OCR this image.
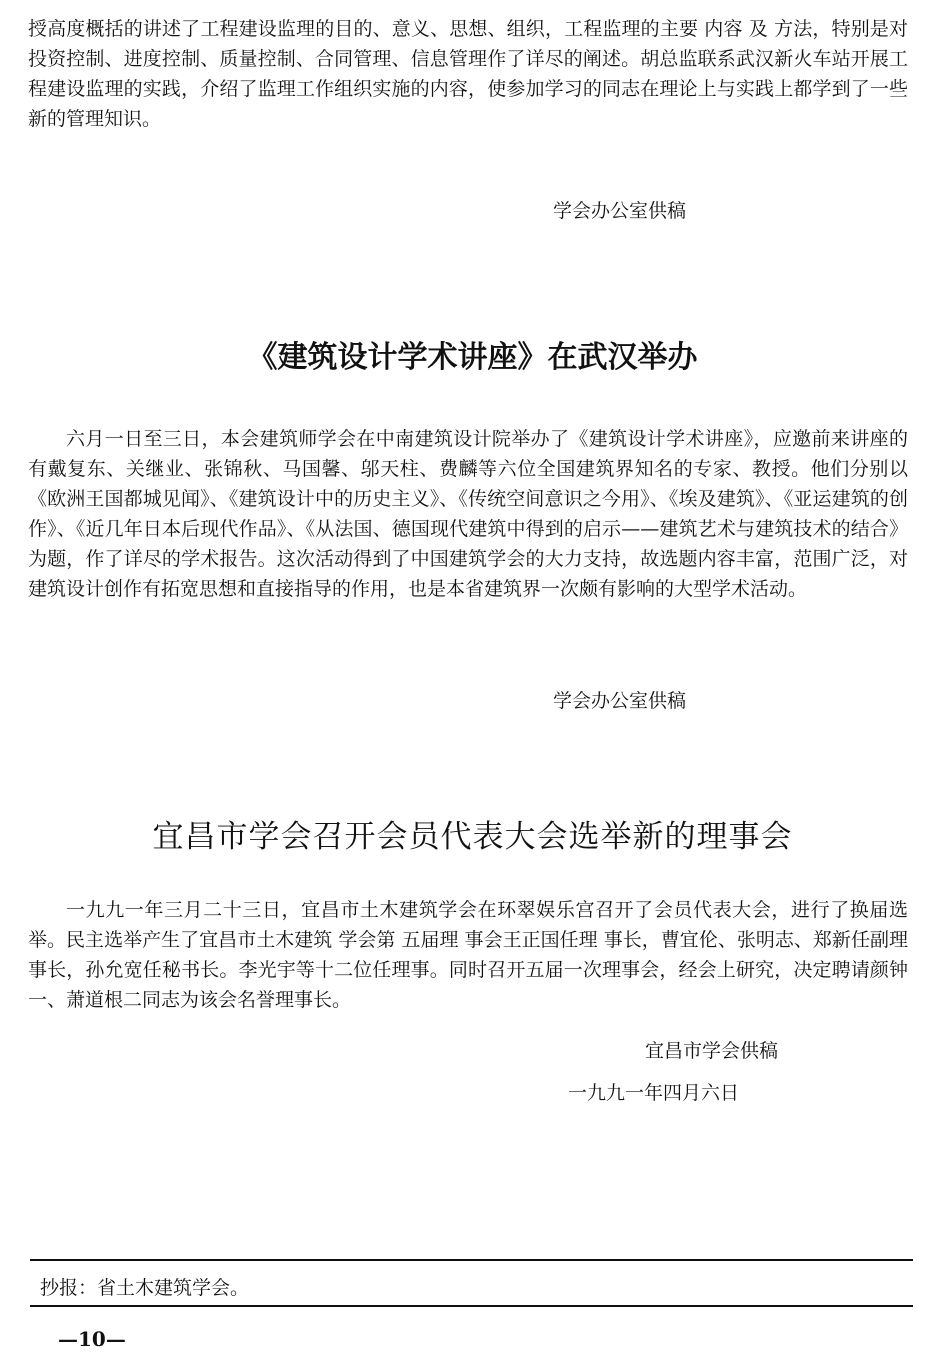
授高度概括的讲述了工程建设监理的目的、意义、思想、组织，工程监理的主要 内容 及 方法，特别是对投资控制、进度控制、质量控制、合同管理、信息管理作了详尽的阐述。胡总监联系武汉新火车站开展工程建设监理的实践，介绍了监理工作组织实施的内容，使参加学习的同志在理论上与实践上都学到了一些新的管理知识。

学会办公室供稿
《建筑设计学术讲座》在武汉举办

六月一日至三日，本会建筑师学会在中南建筑设计院举办了《建筑设计学术讲座》，应邀前来讲座的有戴复东、关继业、张锦秋、马国馨、邬天柱、费麟等六位全国建筑界知名的专家、教授。他们分别以《欧洲王国都城见闻》、《建筑设计中的历史主义》、《传统空间意识之今用》、《埃及建筑》、《亚运建筑的创作》、《近几年日本后现代作品》、《从法国、德国现代建筑中得到的启示——建筑艺术与建筑技术的结合》为题，作了详尽的学术报告。这次活动得到了中国建筑学会的大力支持，故选题内容丰富，范围广泛，对建筑设计创作有拓宽思想和直接指导的作用，也是本省建筑界一次颇有影响的大型学术活动。

学会办公室供稿
宜昌市学会召开会员代表大会选举新的理事会

一九九一年三月二十三日，宜昌市土木建筑学会在环翠娱乐宫召开了会员代表大会，进行了换届选举。民主选举产生了宜昌市土木建筑 学会第 五届理 事会王正国任理 事长，曹宜伦、张明志、郑新任副理事长，孙允宽任秘书长。李光宇等十二位任理事。同时召开五届一次理事会，经会上研究，决定聘请颜钟一、萧道根二同志为该会名誉理事长。

宜昌市学会供稿
一九九一年四月六日
抄报：省土木建筑学会。
—10—
